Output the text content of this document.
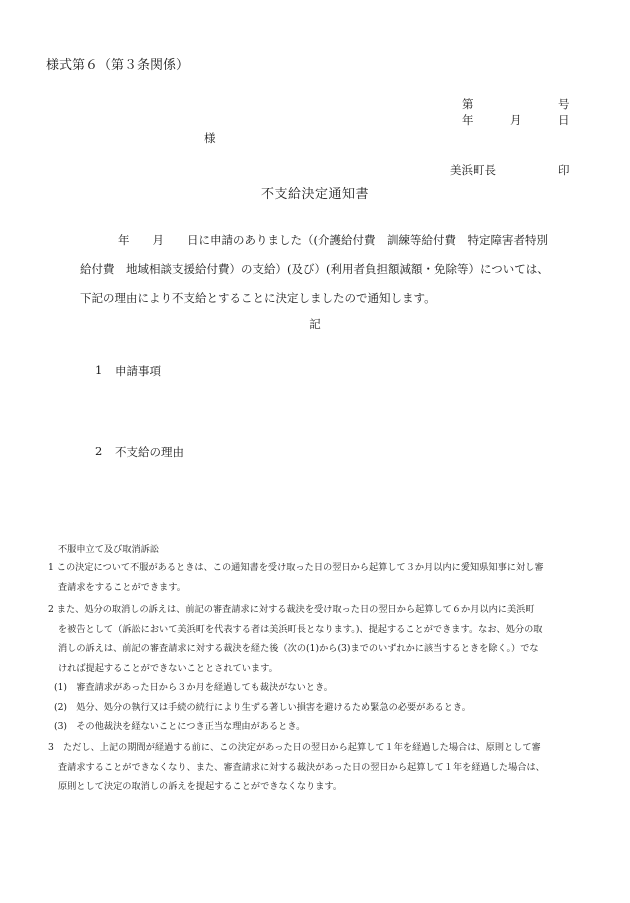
様式第６（第３条関係）
第	号
年	月	日
様
美浜町長	印
不支給決定通知書

年　　月　　日に申請のありました（(介護給付費　訓練等給付費　特定障害者特別

給付費　地域相談支援給付費）の支給）(及び）(利用者負担額減額・免除等）については、

下記の理由により不支給とすることに決定しましたので通知します。

記
1 申請事項
2 不支給の理由
不服申立て及び取消訴訟

1 この決定について不服があるときは、この通知書を受け取った日の翌日から起算して３か月以内に愛知県知事に対し審

査請求をすることができます。

2 また、処分の取消しの訴えは、前記の審査請求に対する裁決を受け取った日の翌日から起算して６か月以内に美浜町

を被告として（訴訟において美浜町を代表する者は美浜町長となります。)、提起することができます。なお、処分の取

消しの訴えは、前記の審査請求に対する裁決を経た後（次の(1)から(3)までのいずれかに該当するときを除く。）でな

ければ提起することができないこととされています。

(1)　審査請求があった日から３か月を経過しても裁決がないとき。

(2)　処分、処分の執行又は手続の続行により生ずる著しい損害を避けるため緊急の必要があるとき。

(3)　その他裁決を経ないことにつき正当な理由があるとき。

3　ただし、上記の期間が経過する前に、この決定があった日の翌日から起算して１年を経過した場合は、原則として審

査請求することができなくなり、また、審査請求に対する裁決があった日の翌日から起算して１年を経過した場合は、

原則として決定の取消しの訴えを提起することができなくなります。
